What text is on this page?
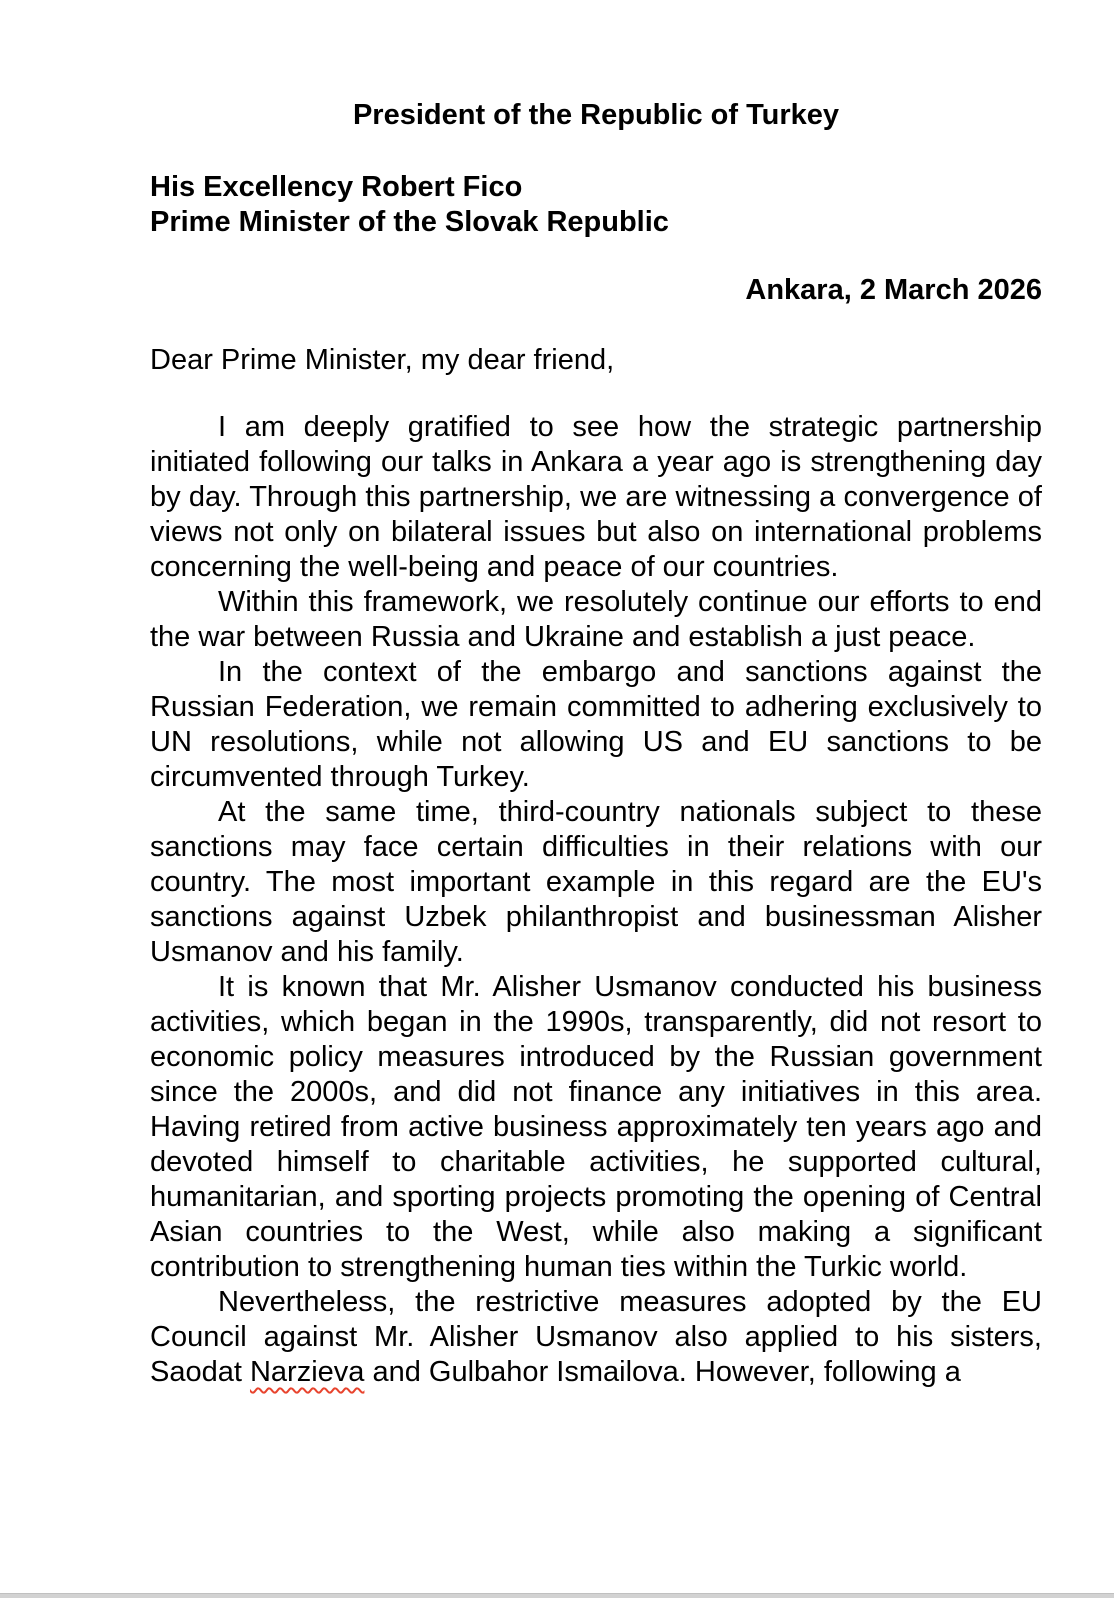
President of the Republic of Turkey
His Excellency Robert Fico
Prime Minister of the Slovak Republic
Ankara, 2 March 2026
Dear Prime Minister, my dear friend,

I am deeply gratified to see how the strategic partnership initiated following our talks in Ankara a year ago is strengthening day by day. Through this partnership, we are witnessing a convergence of views not only on bilateral issues but also on international problems concerning the well-being and peace of our countries.

Within this framework, we resolutely continue our efforts to end the war between Russia and Ukraine and establish a just peace.

In the context of the embargo and sanctions against the Russian Federation, we remain committed to adhering exclusively to UN resolutions, while not allowing US and EU sanctions to be circumvented through Turkey.

At the same time, third-country nationals subject to these sanctions may face certain difficulties in their relations with our country. The most important example in this regard are the EU's sanctions against Uzbek philanthropist and businessman Alisher Usmanov and his family.

It is known that Mr. Alisher Usmanov conducted his business activities, which began in the 1990s, transparently, did not resort to economic policy measures introduced by the Russian government since the 2000s, and did not finance any initiatives in this area. Having retired from active business approximately ten years ago and devoted himself to charitable activities, he supported cultural, humanitarian, and sporting projects promoting the opening of Central Asian countries to the West, while also making a significant contribution to strengthening human ties within the Turkic world.

Nevertheless, the restrictive measures adopted by the EU Council against Mr. Alisher Usmanov also applied to his sisters, Saodat Narzieva and Gulbahor Ismailova. However, following a
